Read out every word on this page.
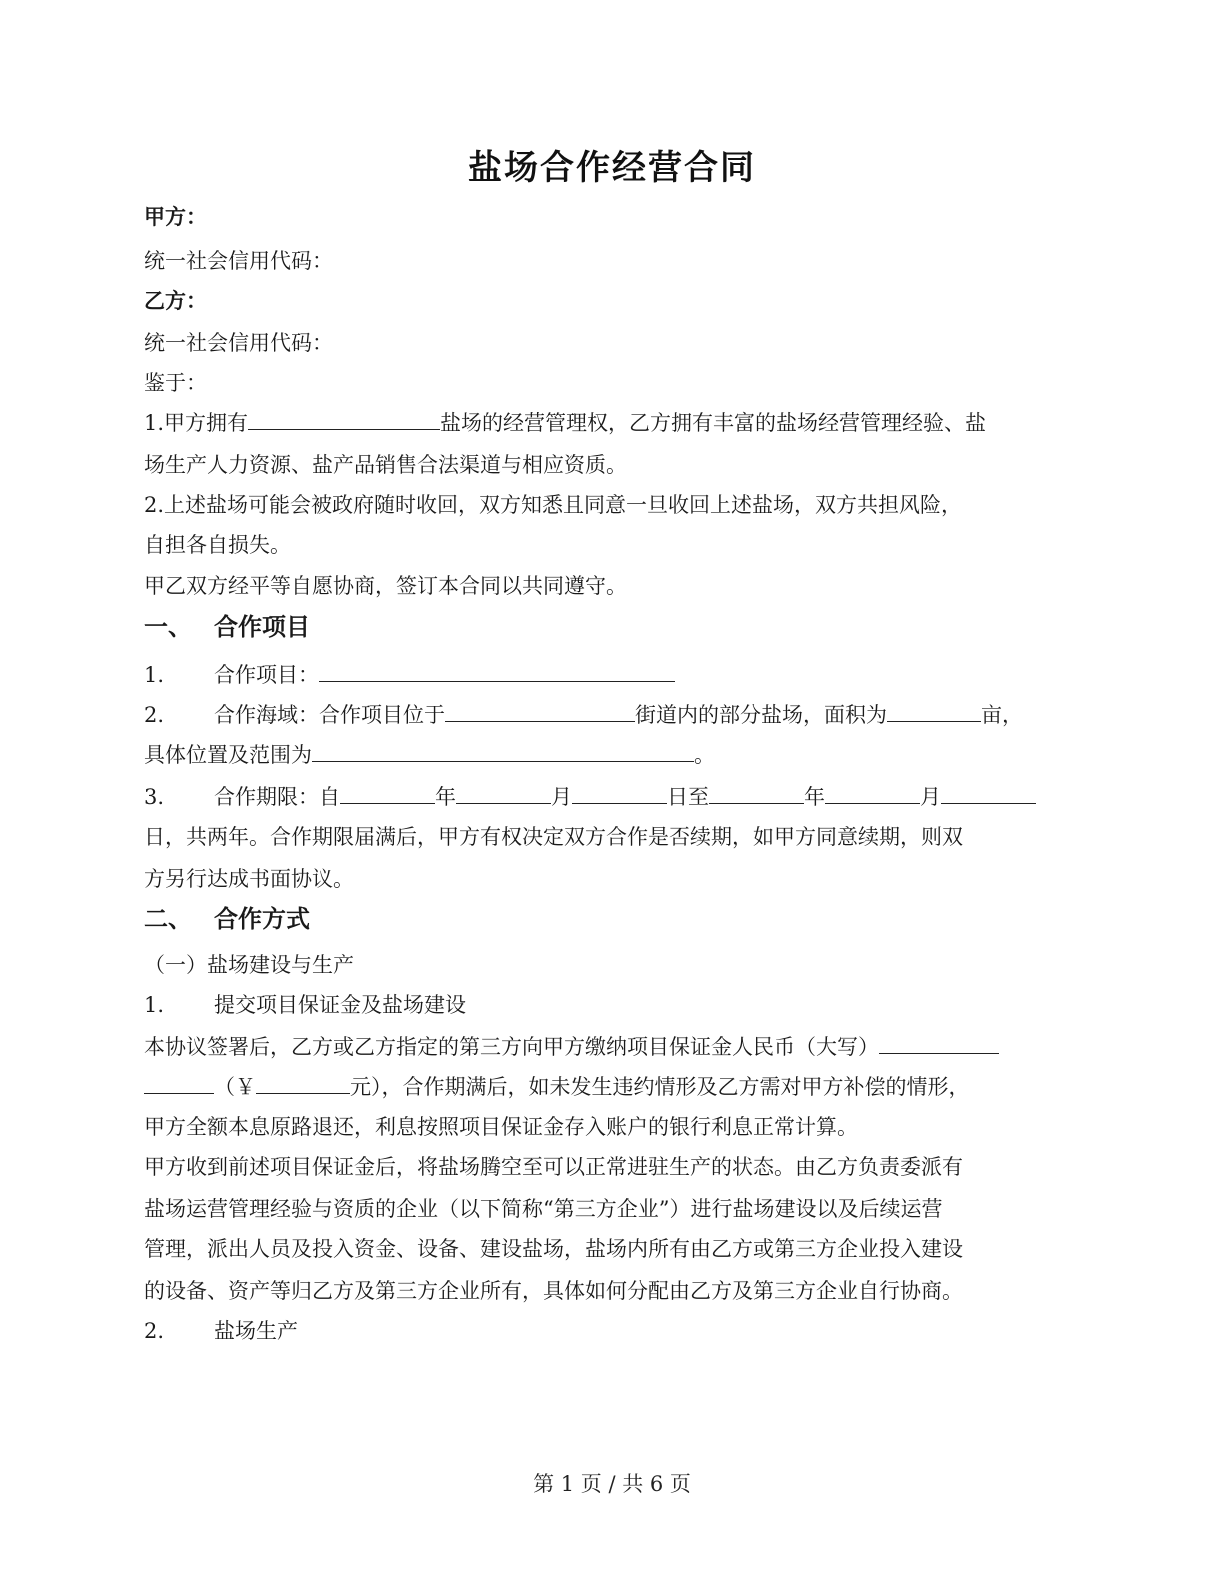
盐场合作经营合同
甲方：
统一社会信用代码：
乙方：
统一社会信用代码：
鉴于：
1.甲方拥有	盐场的经营管理权，乙方拥有丰富的盐场经营管理经验、盐
场生产人力资源、盐产品销售合法渠道与相应资质。
2.上述盐场可能会被政府随时收回，双方知悉且同意一旦收回上述盐场，双方共担风险，
自担各自损失。
甲乙双方经平等自愿协商，签订本合同以共同遵守。
一、 合作项目
1. 合作项目：
2. 合作海域：合作项目位于	街道内的部分盐场，面积为	亩，
具体位置及范围为	。
3. 合作期限：自	年	月	日至	年	月
日，共两年。合作期限届满后，甲方有权决定双方合作是否续期，如甲方同意续期，则双
方另行达成书面协议。
二、 合作方式
（一）盐场建设与生产
1. 提交项目保证金及盐场建设
本协议签署后，乙方或乙方指定的第三方向甲方缴纳项目保证金人民币（大写）
（￥	元），合作期满后，如未发生违约情形及乙方需对甲方补偿的情形，
甲方全额本息原路退还，利息按照项目保证金存入账户的银行利息正常计算。
甲方收到前述项目保证金后，将盐场腾空至可以正常进驻生产的状态。由乙方负责委派有
盐场运营管理经验与资质的企业（以下简称“第三方企业”）进行盐场建设以及后续运营
管理，派出人员及投入资金、设备、建设盐场，盐场内所有由乙方或第三方企业投入建设
的设备、资产等归乙方及第三方企业所有，具体如何分配由乙方及第三方企业自行协商。
2. 盐场生产
第 1 页 / 共 6 页
